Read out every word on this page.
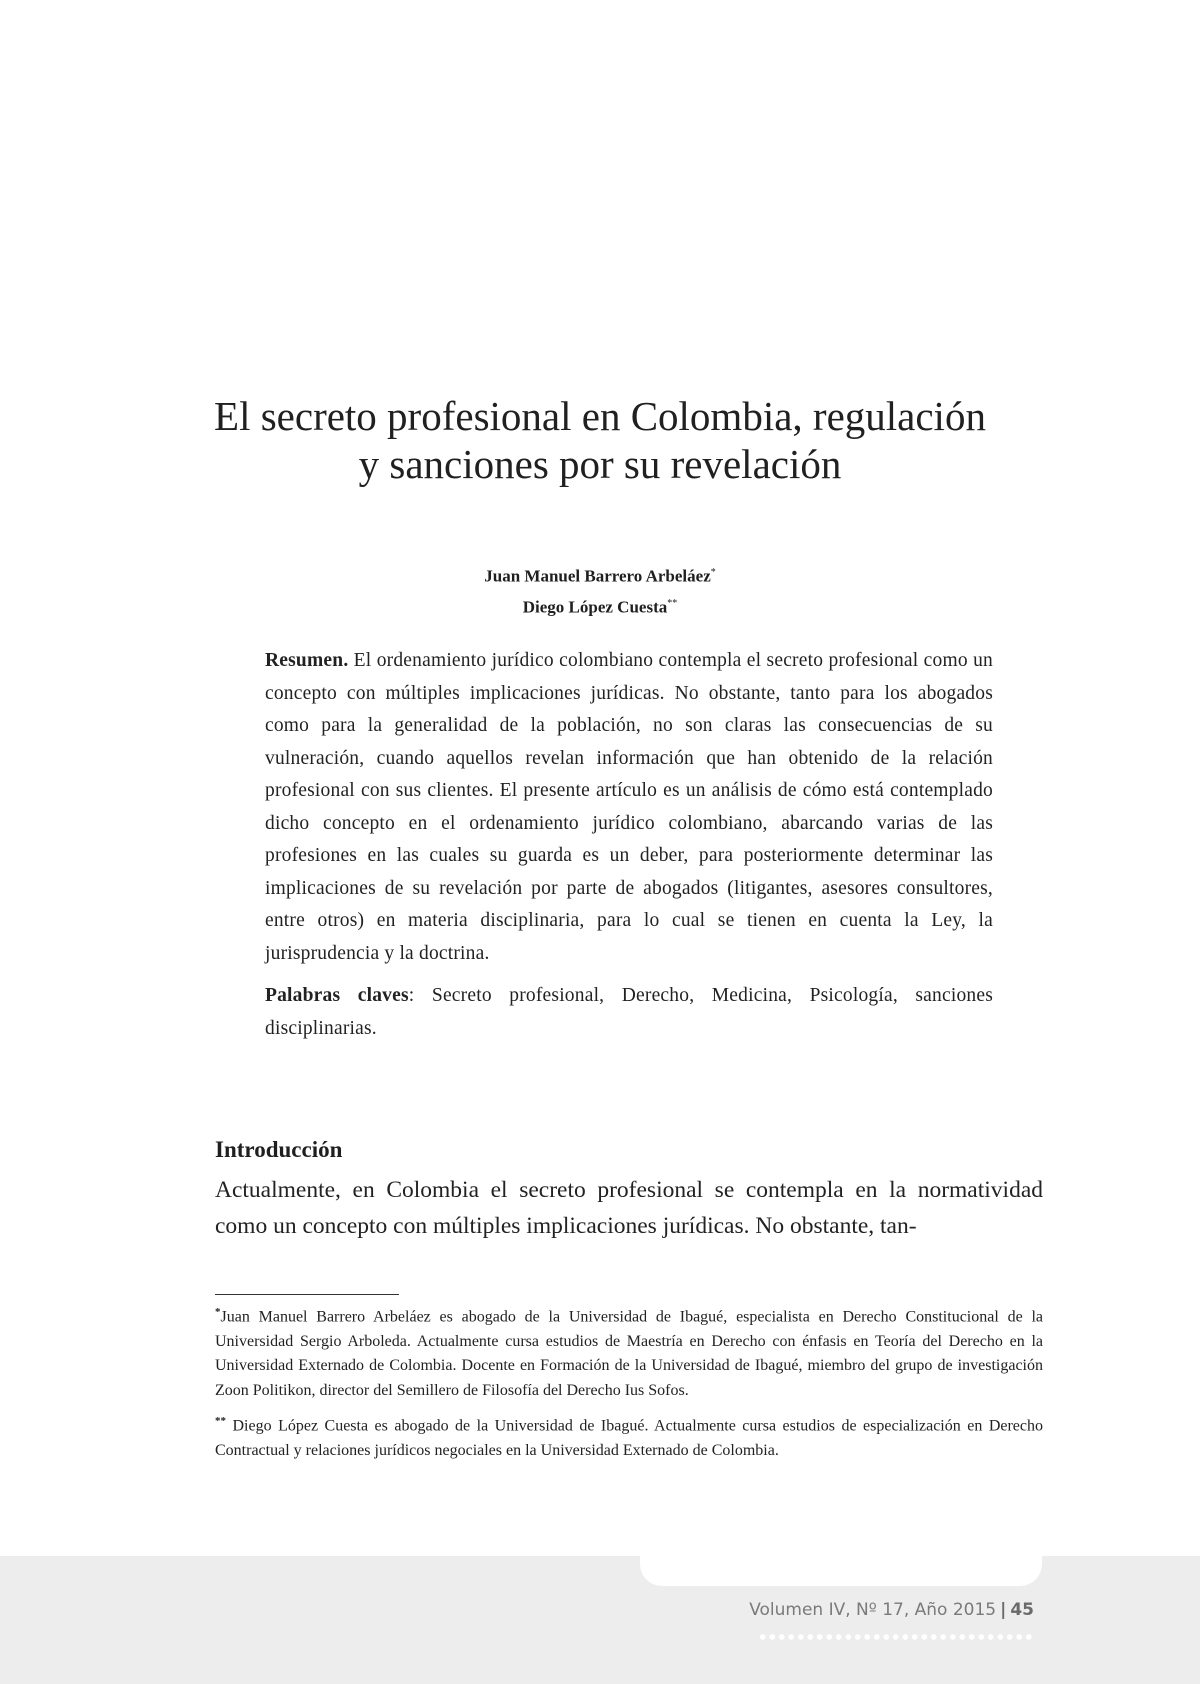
El secreto profesional en Colombia, regulación
y sanciones por su revelación
Juan Manuel Barrero Arbeláez*
Diego López Cuesta**

Resumen. El ordenamiento jurídico colombiano contempla el secreto profesional como un concepto con múltiples implicaciones jurídicas. No obstante, tanto para los abogados como para la generalidad de la población, no son claras las consecuencias de su vulneración, cuando aquellos revelan información que han obtenido de la relación profesional con sus clientes. El presente artículo es un análisis de cómo está contemplado dicho concepto en el ordenamiento jurídico colombiano, abarcando varias de las profesiones en las cuales su guarda es un deber, para posteriormente determinar las implicaciones de su revelación por parte de abogados (litigantes, asesores consultores, entre otros) en materia disciplinaria, para lo cual se tienen en cuenta la Ley, la jurisprudencia y la doctrina.

Palabras claves: Secreto profesional, Derecho, Medicina, Psicología, sanciones disciplinarias.

Introducción

Actualmente, en Colombia el secreto profesional se contempla en la normatividad como un concepto con múltiples implicaciones jurídicas. No obstante, tan-

*Juan Manuel Barrero Arbeláez es abogado de la Universidad de Ibagué, especialista en Derecho Constitucional de la Universidad Sergio Arboleda. Actualmente cursa estudios de Maestría en Derecho con énfasis en Teoría del Derecho en la Universidad Externado de Colombia. Docente en Formación de la Universidad de Ibagué, miembro del grupo de investigación Zoon Politikon, director del Semillero de Filosofía del Derecho Ius Sofos.

** Diego López Cuesta es abogado de la Universidad de Ibagué. Actualmente cursa estudios de especialización en Derecho Contractual y relaciones jurídicos negociales en la Universidad Externado de Colombia.

Volumen IV, Nº 17, Año 2015 | 45
